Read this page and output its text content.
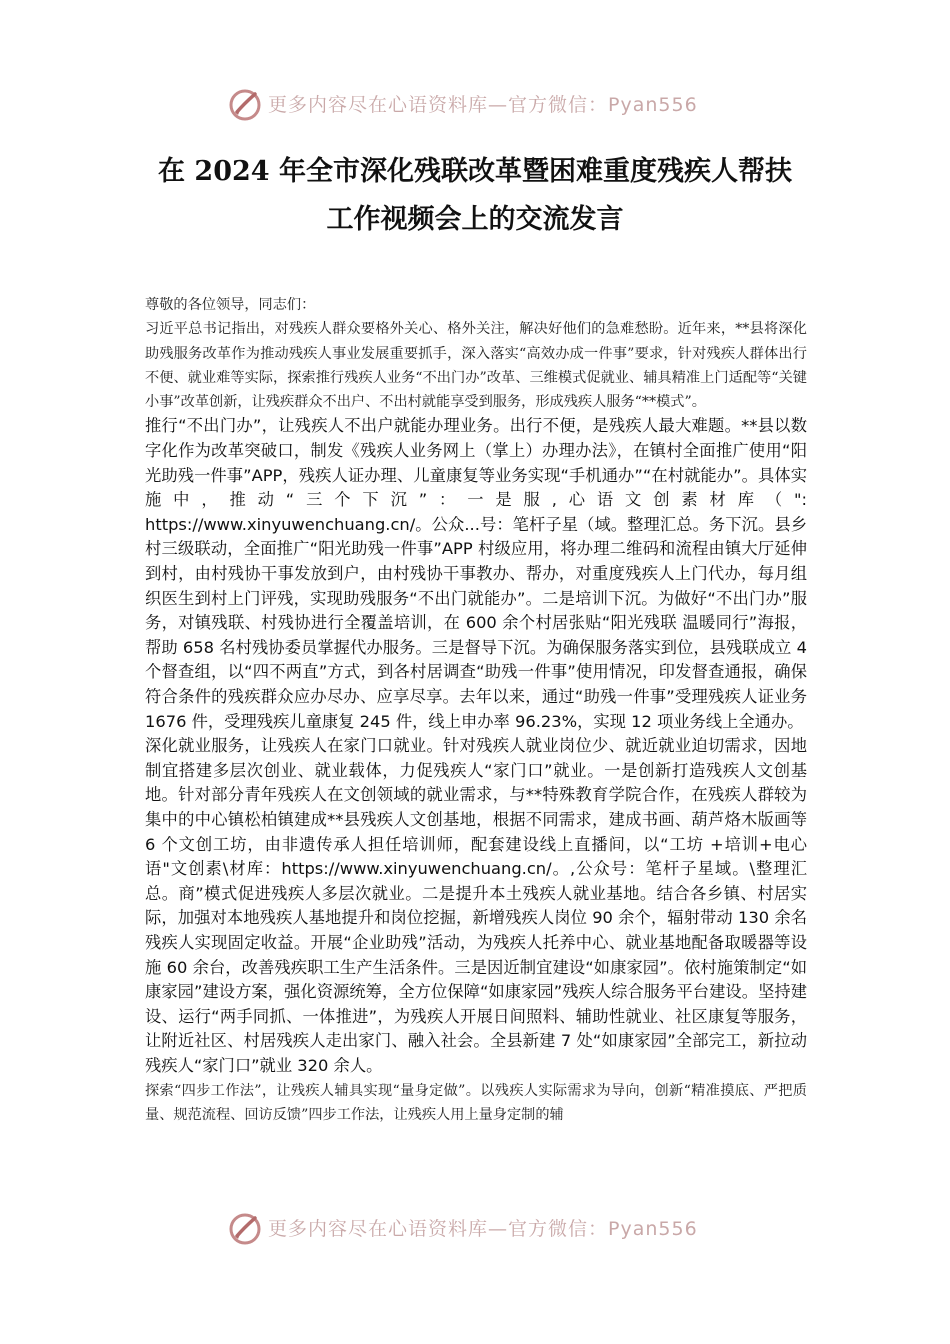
更多内容尽在心语资料库—官方微信：Pyan556
在 2024 年全市深化残联改革暨困难重度残疾人帮扶
工作视频会上的交流发言

尊敬的各位领导，同志们：

习近平总书记指出，对残疾人群众要格外关心、格外关注，解决好他们的急难愁盼。近年来，**县将深化助残服务改革作为推动残疾人事业发展重要抓手，深入落实“高效办成一件事”要求，针对残疾人群体出行不便、就业难等实际，探索推行残疾人业务“不出门办”改革、三维模式促就业、辅具精准上门适配等“关键小事”改革创新，让残疾群众不出户、不出村就能享受到服务，形成残疾人服务“**模式”。

推行“不出门办”，让残疾人不出户就能办理业务。出行不便，是残疾人最大难题。**县以数字化作为改革突破口，制发《残疾人业务网上（掌上）办理办法》，在镇村全面推广使用“阳光助残一件事”APP，残疾人证办理、儿童康复等业务实现“手机通办”“在村就能办”。具体实施中，推动“三个下沉”：一是服,心语文创素材库（": https://www.xinyuwenchuang.cn/。公众...号：笔杆子星（域。整理汇总。务下沉。县乡村三级联动，全面推广“阳光助残一件事”APP 村级应用，将办理二维码和流程由镇大厅延伸到村，由村残协干事发放到户，由村残协干事教办、帮办，对重度残疾人上门代办，每月组织医生到村上门评残，实现助残服务“不出门就能办”。二是培训下沉。为做好“不出门办”服务，对镇残联、村残协进行全覆盖培训，在 600 余个村居张贴“阳光残联 温暖同行”海报，帮助 658 名村残协委员掌握代办服务。三是督导下沉。为确保服务落实到位，县残联成立 4 个督查组，以“四不两直”方式，到各村居调查“助残一件事”使用情况，印发督查通报，确保符合条件的残疾群众应办尽办、应享尽享。去年以来，通过“助残一件事”受理残疾人证业务 1676 件，受理残疾儿童康复 245 件，线上申办率 96.23%，实现 12 项业务线上全通办。

深化就业服务，让残疾人在家门口就业。针对残疾人就业岗位少、就近就业迫切需求，因地制宜搭建多层次创业、就业载体，力促残疾人“家门口”就业。一是创新打造残疾人文创基地。针对部分青年残疾人在文创领域的就业需求，与**特殊教育学院合作，在残疾人群较为集中的中心镇松柏镇建成**县残疾人文创基地，根据不同需求，建成书画、葫芦烙木版画等 6 个文创工坊，由非遗传承人担任培训师，配套建设线上直播间，以“工坊 +培训+电心语"文创素\材库：https://www.xinyuwenchuang.cn/。,公众号：笔杆子星域。\整理汇总。商”模式促进残疾人多层次就业。二是提升本土残疾人就业基地。结合各乡镇、村居实际，加强对本地残疾人基地提升和岗位挖掘，新增残疾人岗位 90 余个，辐射带动 130 余名残疾人实现固定收益。开展“企业助残”活动，为残疾人托养中心、就业基地配备取暖器等设施 60 余台，改善残疾职工生产生活条件。三是因近制宜建设“如康家园”。依村施策制定“如康家园”建设方案，强化资源统筹，全方位保障“如康家园”残疾人综合服务平台建设。坚持建设、运行“两手同抓、一体推进”，为残疾人开展日间照料、辅助性就业、社区康复等服务，让附近社区、村居残疾人走出家门、融入社会。全县新建 7 处“如康家园”全部完工，新拉动残疾人“家门口”就业 320 余人。

探索“四步工作法”，让残疾人辅具实现“量身定做”。以残疾人实际需求为导向，创新“精准摸底、严把质量、规范流程、回访反馈”四步工作法，让残疾人用上量身定制的辅

更多内容尽在心语资料库—官方微信：Pyan556
